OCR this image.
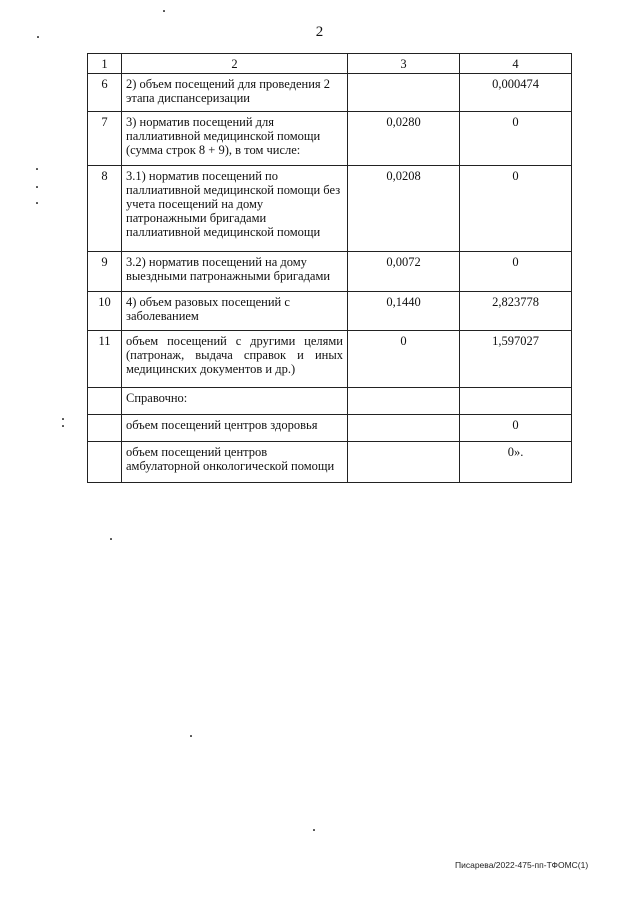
2
1	2	3	4
6	2) объем посещений для проведения 2 этапа диспансеризации		0,000474
7	3) норматив посещений для паллиативной медицинской помощи (сумма строк 8 + 9), в том числе:	0,0280	0
8	3.1) норматив посещений по паллиативной медицинской помощи без учета посещений на дому патронажными бригадами паллиативной медицинской помощи	0,0208	0
9	3.2) норматив посещений на дому выездными патронажными бригадами	0,0072	0
10	4) объем разовых посещений с заболеванием	0,1440	2,823778
11	объем посещений с другими целями (патронаж, выдача справок и иных медицинских документов и др.)	0	1,597027
	Справочно:		
	объем посещений центров здоровья		0
	объем посещений центров амбулаторной онкологической помощи		0».
Писарева/2022-475-пп-ТФОМС(1)
